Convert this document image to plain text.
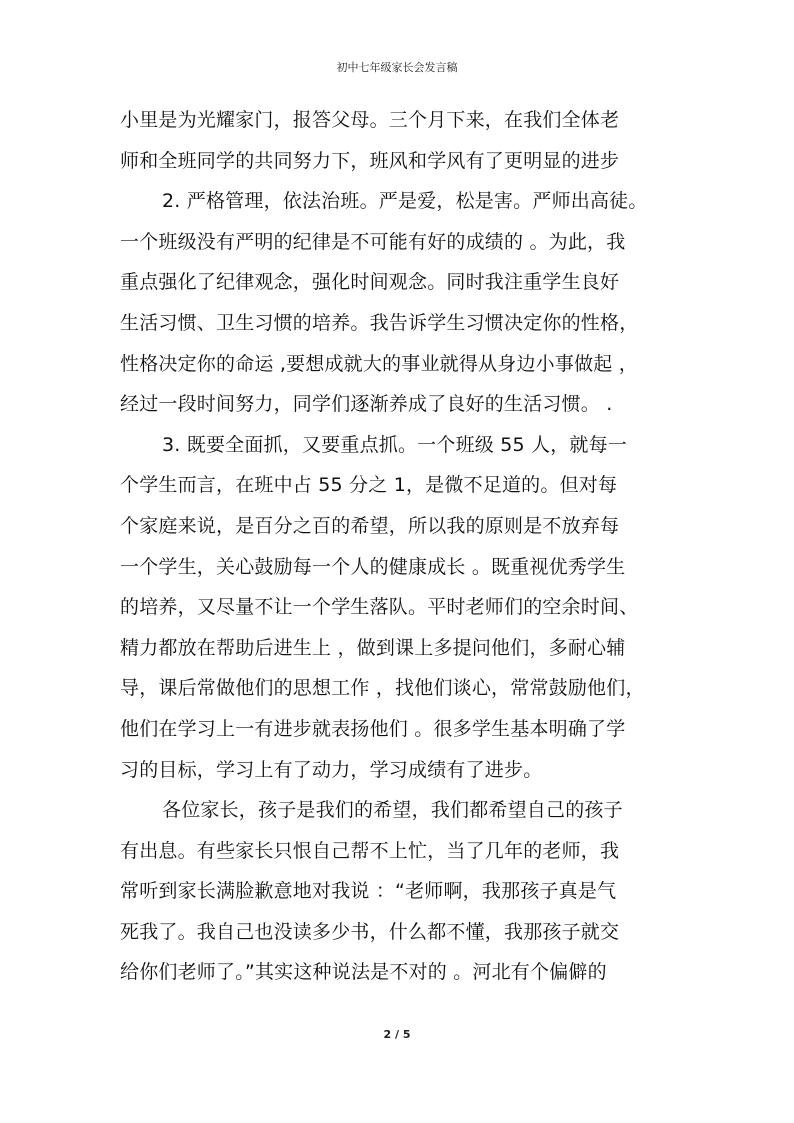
初中七年级家长会发言稿
小里是为光耀家门，报答父母。三个月下来，在我们全体老
师和全班同学的共同努力下，班风和学风有了更明显的进步
2. 严格管理，依法治班。严是爱，松是害。严师出高徒。
一个班级没有严明的纪律是不可能有好的成绩的 。为此，我
重点强化了纪律观念，强化时间观念。同时我注重学生良好
生活习惯、卫生习惯的培养。我告诉学生习惯决定你的性格，
性格决定你的命运 ,要想成就大的事业就得从身边小事做起 ，
经过一段时间努力，同学们逐渐养成了良好的生活习惯。 .
3. 既要全面抓，又要重点抓。一个班级 55 人，就每一
个学生而言，在班中占 55 分之 1，是微不足道的。但对每
个家庭来说，是百分之百的希望，所以我的原则是不放弃每
一个学生，关心鼓励每一个人的健康成长 。既重视优秀学生
的培养，又尽量不让一个学生落队。平时老师们的空余时间、
精力都放在帮助后进生上 ，做到课上多提问他们，多耐心辅
导，课后常做他们的思想工作 ，找他们谈心，常常鼓励他们，
他们在学习上一有进步就表扬他们 。很多学生基本明确了学
习的目标，学习上有了动力，学习成绩有了进步。
各位家长，孩子是我们的希望，我们都希望自己的孩子
有出息。有些家长只恨自己帮不上忙，当了几年的老师，我
常听到家长满脸歉意地对我说 ：“老师啊，我那孩子真是气
死我了。我自己也没读多少书，什么都不懂，我那孩子就交
给你们老师了。”其实这种说法是不对的 。河北有个偏僻的
2 / 5
